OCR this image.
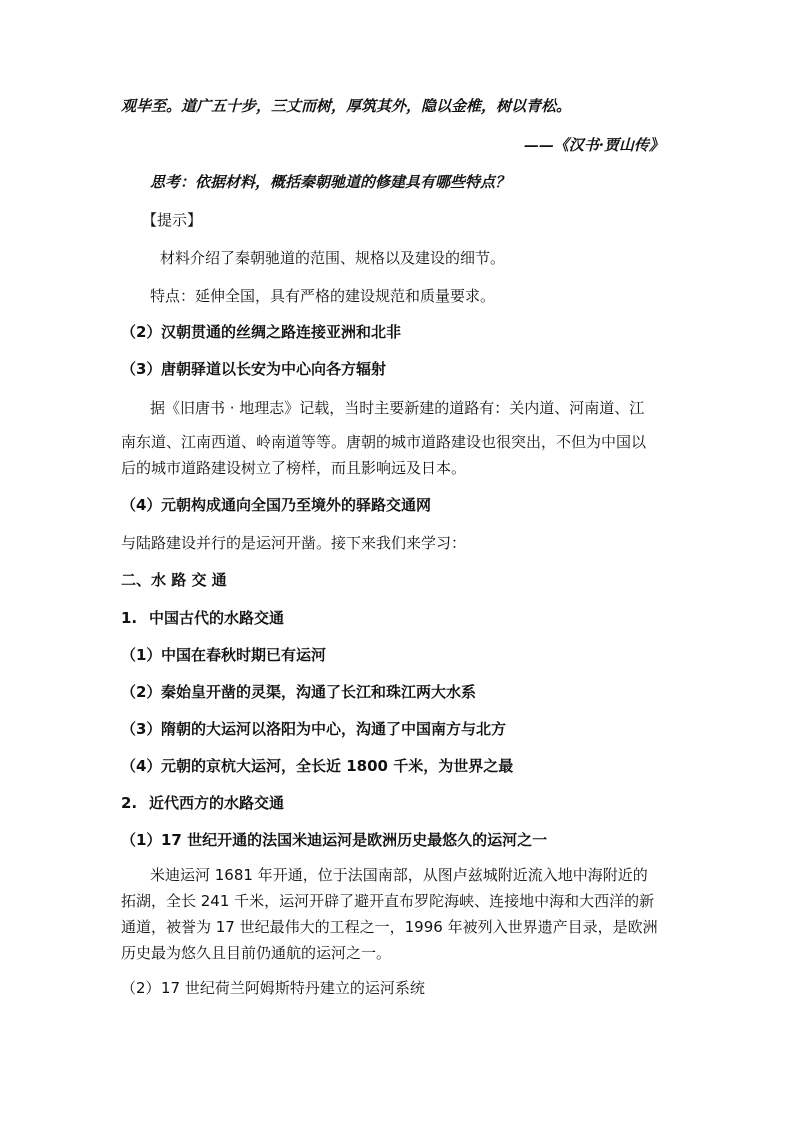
观毕至。道广五十步，三丈而树，厚筑其外，隐以金椎，树以青松。
——《汉书·贾山传》
思考：依据材料，概括秦朝驰道的修建具有哪些特点？
【提示】
材料介绍了秦朝驰道的范围、规格以及建设的细节。
特点：延伸全国，具有严格的建设规范和质量要求。
（2）汉朝贯通的丝绸之路连接亚洲和北非
（3）唐朝驿道以长安为中心向各方辐射
据《旧唐书 · 地理志》记载，当时主要新建的道路有：关内道、河南道、江
南东道、江南西道、岭南道等等。唐朝的城市道路建设也很突出，不但为中国以
后的城市道路建设树立了榜样，而且影响远及日本。
（4）元朝构成通向全国乃至境外的驿路交通网
与陆路建设并行的是运河开凿。接下来我们来学习：
二、水 路 交 通
1. 中国古代的水路交通
（1）中国在春秋时期已有运河
（2）秦始皇开凿的灵渠，沟通了长江和珠江两大水系
（3）隋朝的大运河以洛阳为中心，沟通了中国南方与北方
（4）元朝的京杭大运河，全长近 1800 千米，为世界之最
2. 近代西方的水路交通
（1）17 世纪开通的法国米迪运河是欧洲历史最悠久的运河之一
米迪运河 1681 年开通，位于法国南部，从图卢兹城附近流入地中海附近的
拓湖，全长 241 千米，运河开辟了避开直布罗陀海峡、连接地中海和大西洋的新
通道，被誉为 17 世纪最伟大的工程之一，1996 年被列入世界遗产目录，是欧洲
历史最为悠久且目前仍通航的运河之一。
（2）17 世纪荷兰阿姆斯特丹建立的运河系统
